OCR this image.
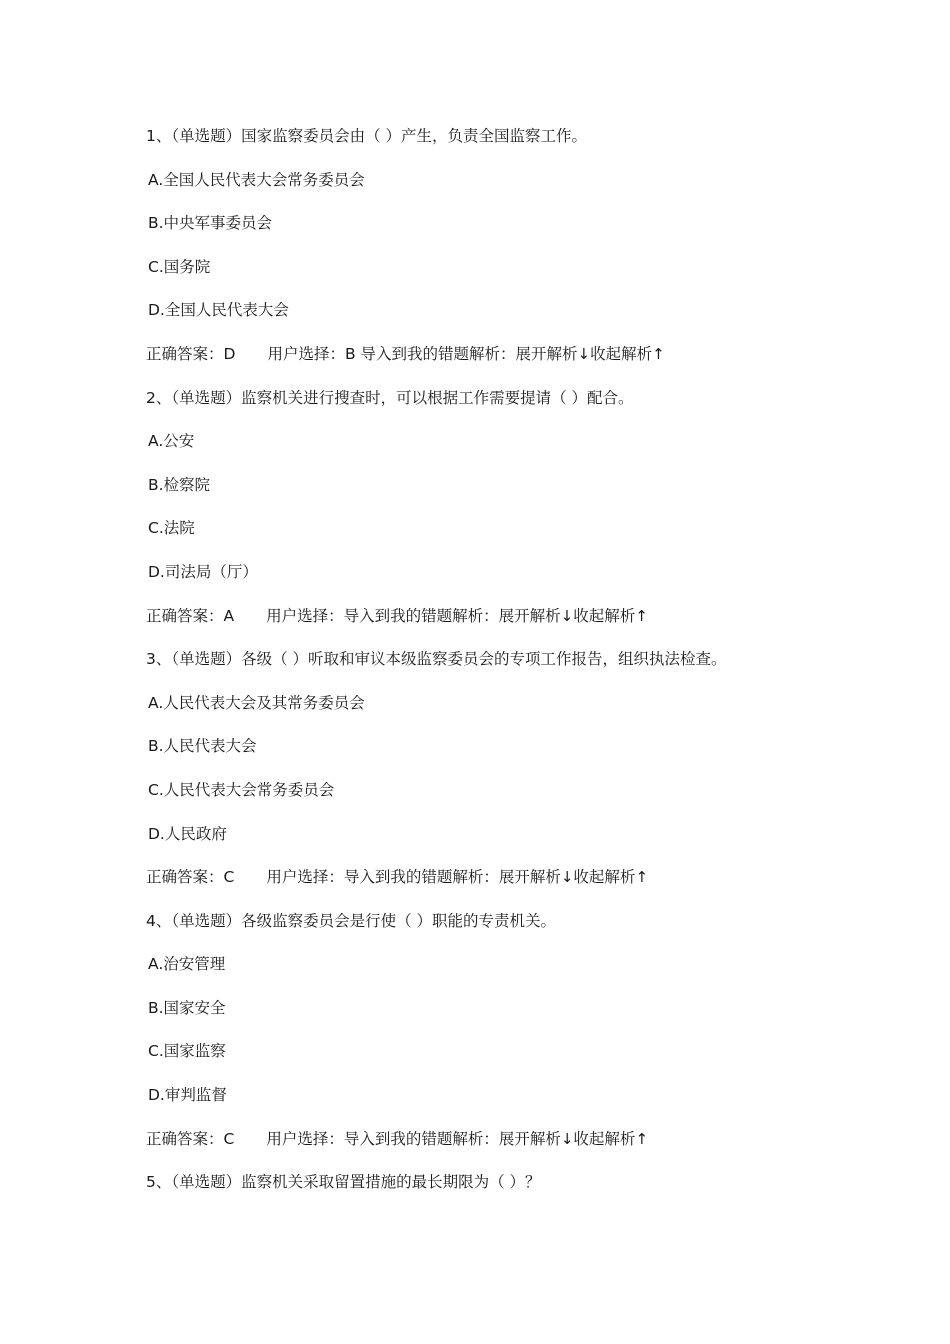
1、（单选题）国家监察委员会由（ ）产生，负责全国监察工作。
A.全国人民代表大会常务委员会
B.中央军事委员会
C.国务院
D.全国人民代表大会
正确答案：D 用户选择：B 导入到我的错题解析：展开解析↓收起解析↑
2、（单选题）监察机关进行搜查时，可以根据工作需要提请（ ）配合。
A.公安
B.检察院
C.法院
D.司法局（厅）
正确答案：A 用户选择：导入到我的错题解析：展开解析↓收起解析↑
3、（单选题）各级（ ）听取和审议本级监察委员会的专项工作报告，组织执法检查。
A.人民代表大会及其常务委员会
B.人民代表大会
C.人民代表大会常务委员会
D.人民政府
正确答案：C 用户选择：导入到我的错题解析：展开解析↓收起解析↑
4、（单选题）各级监察委员会是行使（ ）职能的专责机关。
A.治安管理
B.国家安全
C.国家监察
D.审判监督
正确答案：C 用户选择：导入到我的错题解析：展开解析↓收起解析↑
5、（单选题）监察机关采取留置措施的最长期限为（ ）？
